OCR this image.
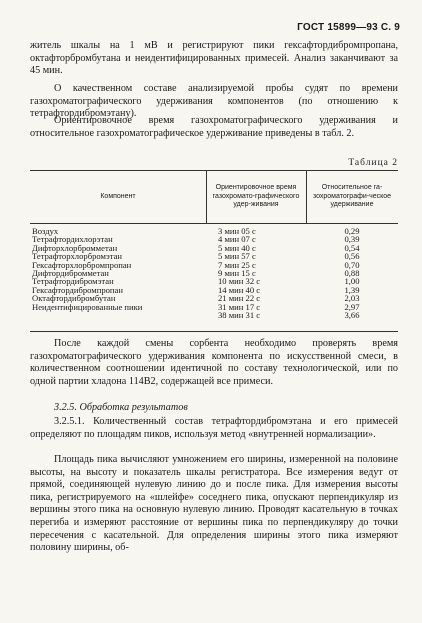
ГОСТ 15899—93 С. 9
житель шкалы на 1 мВ и регистрируют пики гексафтордибромпропана, октафторбромбутана и неидентифицированных примесей. Анализ заканчивают за 45 мин.
О качественном составе анализируемой пробы судят по времени газохроматографического удерживания компонентов (по отношению к тетрафтордибромэтану).
Ориентировочное время газохроматографического удерживания и относительное газохроматографическое удерживание приведены в табл. 2.
Таблица 2
Компонент
Ориентировочное время газохромато-графического удер-живания
Относительное га-зохроматографи-ческое удерживание
Воздух	3 мин 05 с	0,29
Тетрафтордихлорэтан	4 мин 07 с	0,39
Дифторхлорбромметан	5 мин 40 с	0,54
Тетрафторхлорбромэтан	5 мин 57 с	0,56
Гексафторхлорбромпропан	7 мин 25 с	0,70
Дифтордибромметан	9 мин 15 с	0,88
Тетрафтордибромэтан	10 мин 32 с	1,00
Гексафтордибромпропан	14 мин 40 с	1,39
Октафтордибромбутан	21 мин 22 с	2,03
Неидентифицированные пики	31 мин 17 с	2,97
38 мин 31 с	3,66
После каждой смены сорбента необходимо проверять время газохроматографического удерживания компонента по искусственной смеси, в количественном соотношении идентичной по составу технологической, или по одной партии хладона 114В2, содержащей все примеси.
3.2.5. Обработка результатов
3.2.5.1. Количественный состав тетрафтордибромэтана и его примесей определяют по площадям пиков, используя метод «внутренней нормализации».
Площадь пика вычисляют умножением его ширины, измеренной на половине высоты, на высоту и показатель шкалы регистратора. Все измерения ведут от прямой, соединяющей нулевую линию до и после пика. Для измерения высоты пика, регистрируемого на «шлейфе» соседнего пика, опускают перпендикуляр из вершины этого пика на основную нулевую линию. Проводят касательную в точках перегиба и измеряют расстояние от вершины пика по перпендикуляру до точки пересечения с касательной. Для определения ширины этого пика измеряют половину ширины, об-
